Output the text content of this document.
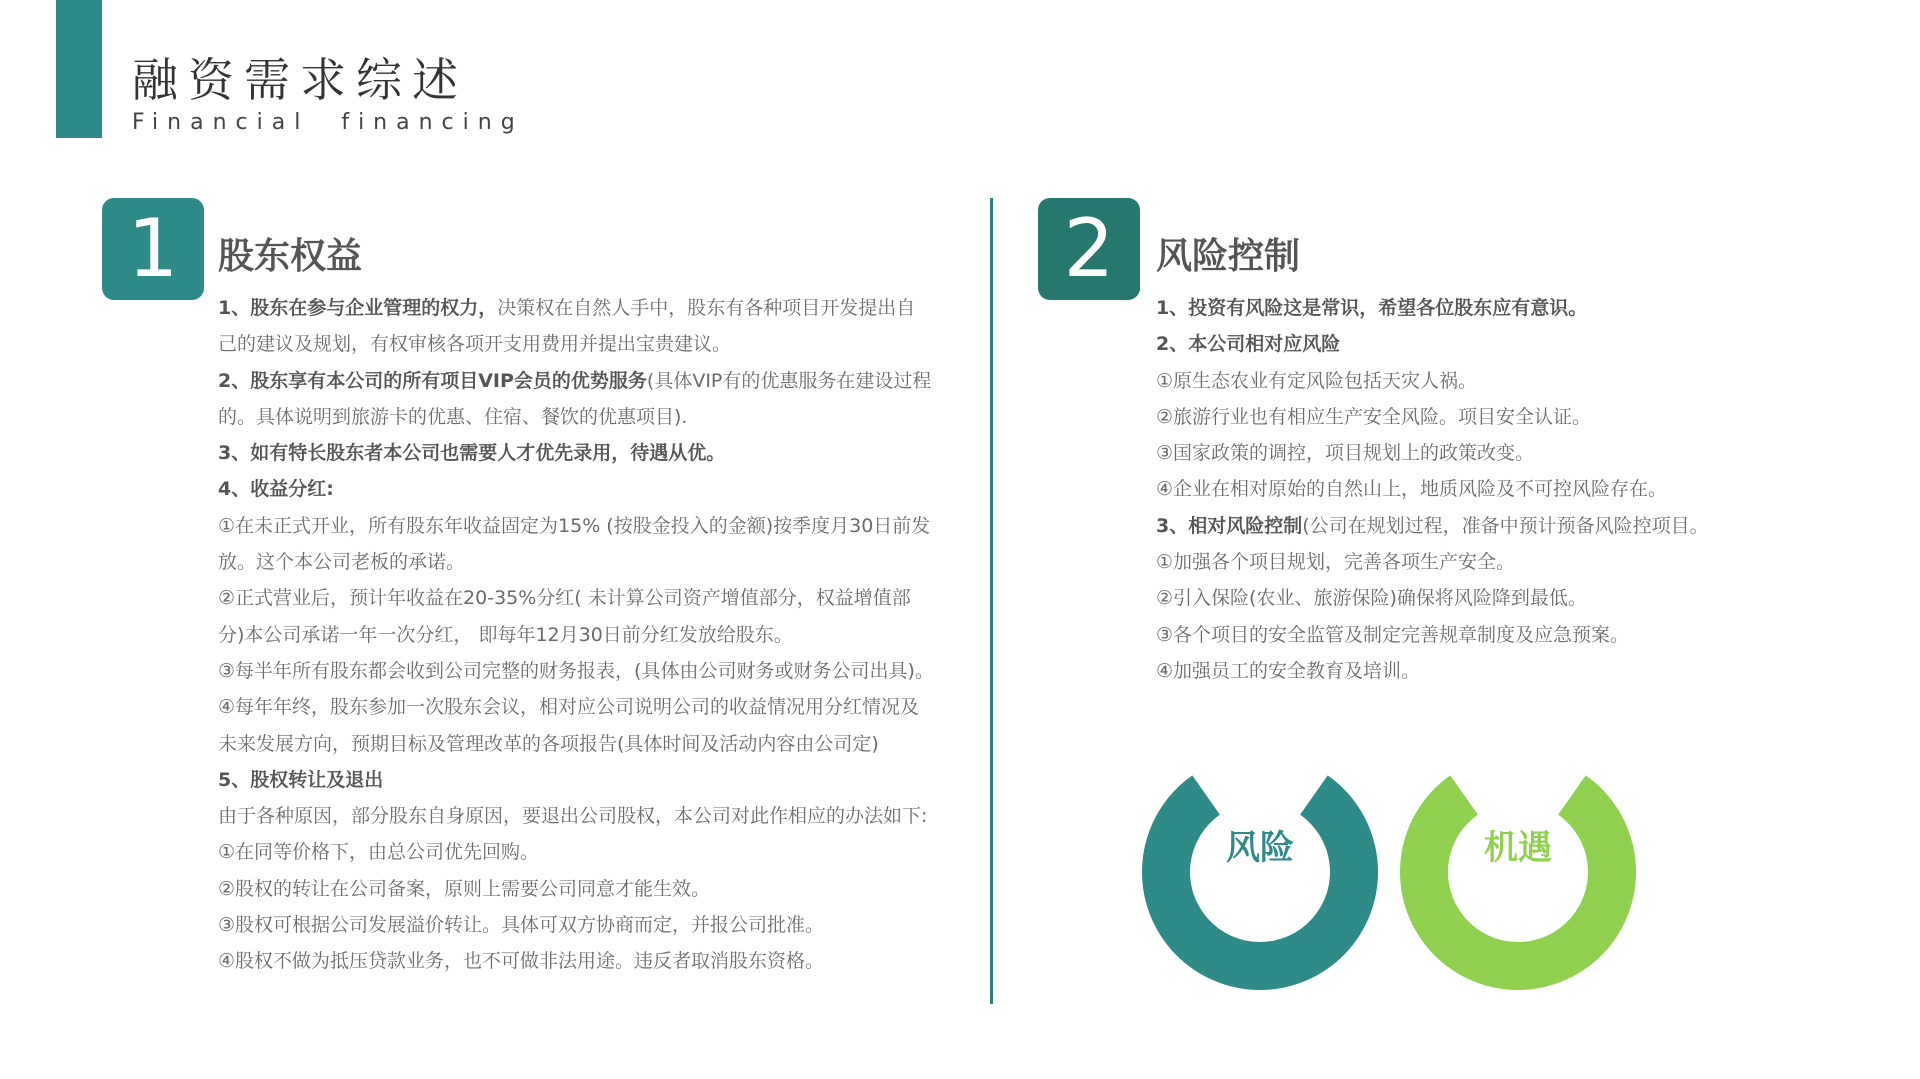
融资需求综述
Financial  financing
1	股东权益
1、股东在参与企业管理的权力，决策权在自然人手中，股东有各种项目开发提出自
己的建议及规划，有权审核各项开支用费用并提出宝贵建议。
2、股东享有本公司的所有项目VIP会员的优势服务(具体VIP有的优惠服务在建设过程
的。具体说明到旅游卡的优惠、住宿、餐饮的优惠项目).
3、如有特长股东者本公司也需要人才优先录用，待遇从优。
4、收益分红:
①在未正式开业，所有股东年收益固定为15% (按股金投入的金额)按季度月30日前发
放。这个本公司老板的承诺。
②正式营业后，预计年收益在20-35%分红( 未计算公司资产增值部分，权益增值部
分)本公司承诺一年一次分红， 即每年12月30日前分红发放给股东。
③每半年所有股东都会收到公司完整的财务报表，(具体由公司财务或财务公司出具)。
④每年年终，股东参加一次股东会议，相对应公司说明公司的收益情况用分红情况及
未来发展方向，预期目标及管理改革的各项报告(具体时间及活动内容由公司定)
5、股权转让及退出
由于各种原因，部分股东自身原因，要退出公司股权，本公司对此作相应的办法如下:
①在同等价格下，由总公司优先回购。
②股权的转让在公司备案，原则上需要公司同意才能生效。
③股权可根据公司发展溢价转让。具体可双方协商而定，并报公司批准。
④股权不做为抵压贷款业务，也不可做非法用途。违反者取消股东资格。
2	风险控制
1、投资有风险这是常识，希望各位股东应有意识。
2、本公司相对应风险
①原生态农业有定风险包括天灾人祸。
②旅游行业也有相应生产安全风险。项目安全认证。
③国家政策的调控，项目规划上的政策改变。
④企业在相对原始的自然山上，地质风险及不可控风险存在。
3、相对风险控制(公司在规划过程，准备中预计预备风险控项目。
①加强各个项目规划，完善各项生产安全。
②引入保险(农业、旅游保险)确保将风险降到最低。
③各个项目的安全监管及制定完善规章制度及应急预案。
④加强员工的安全教育及培训。
风险	机遇
